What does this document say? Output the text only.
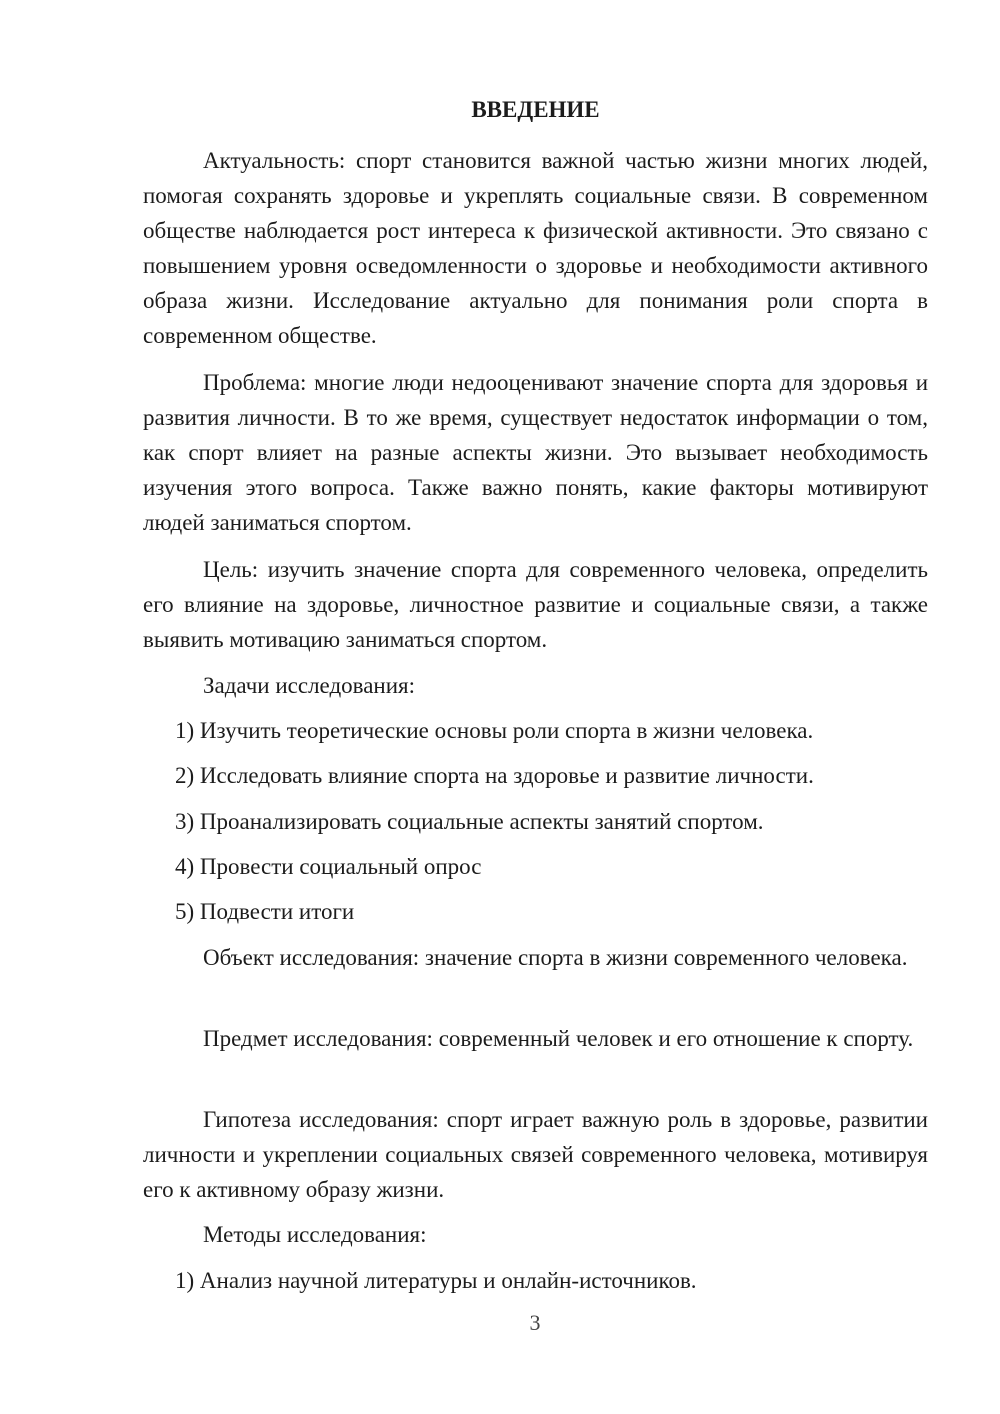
ВВЕДЕНИЕ

Актуальность: спорт становится важной частью жизни многих людей, помогая сохранять здоровье и укреплять социальные связи. В современном обществе наблюдается рост интереса к физической активности. Это связано с повышением уровня осведомленности о здоровье и необходимости активного образа жизни. Исследование актуально для понимания роли спорта в современном обществе.

Проблема: многие люди недооценивают значение спорта для здоровья и развития личности. В то же время, существует недостаток информации о том, как спорт влияет на разные аспекты жизни. Это вызывает необходимость изучения этого вопроса. Также важно понять, какие факторы мотивируют людей заниматься спортом.

Цель: изучить значение спорта для современного человека, определить его влияние на здоровье, личностное развитие и социальные связи, а также выявить мотивацию заниматься спортом.

Задачи исследования:

1) Изучить теоретические основы роли спорта в жизни человека.

2) Исследовать влияние спорта на здоровье и развитие личности.

3) Проанализировать социальные аспекты занятий спортом.

4) Провести социальный опрос

5) Подвести итоги

Объект исследования: значение спорта в жизни современного человека.

Предмет исследования: современный человек и его отношение к спорту.

Гипотеза исследования: спорт играет важную роль в здоровье, развитии личности и укреплении социальных связей современного человека, мотивируя его к активному образу жизни.

Методы исследования:

1) Анализ научной литературы и онлайн-источников.

3
